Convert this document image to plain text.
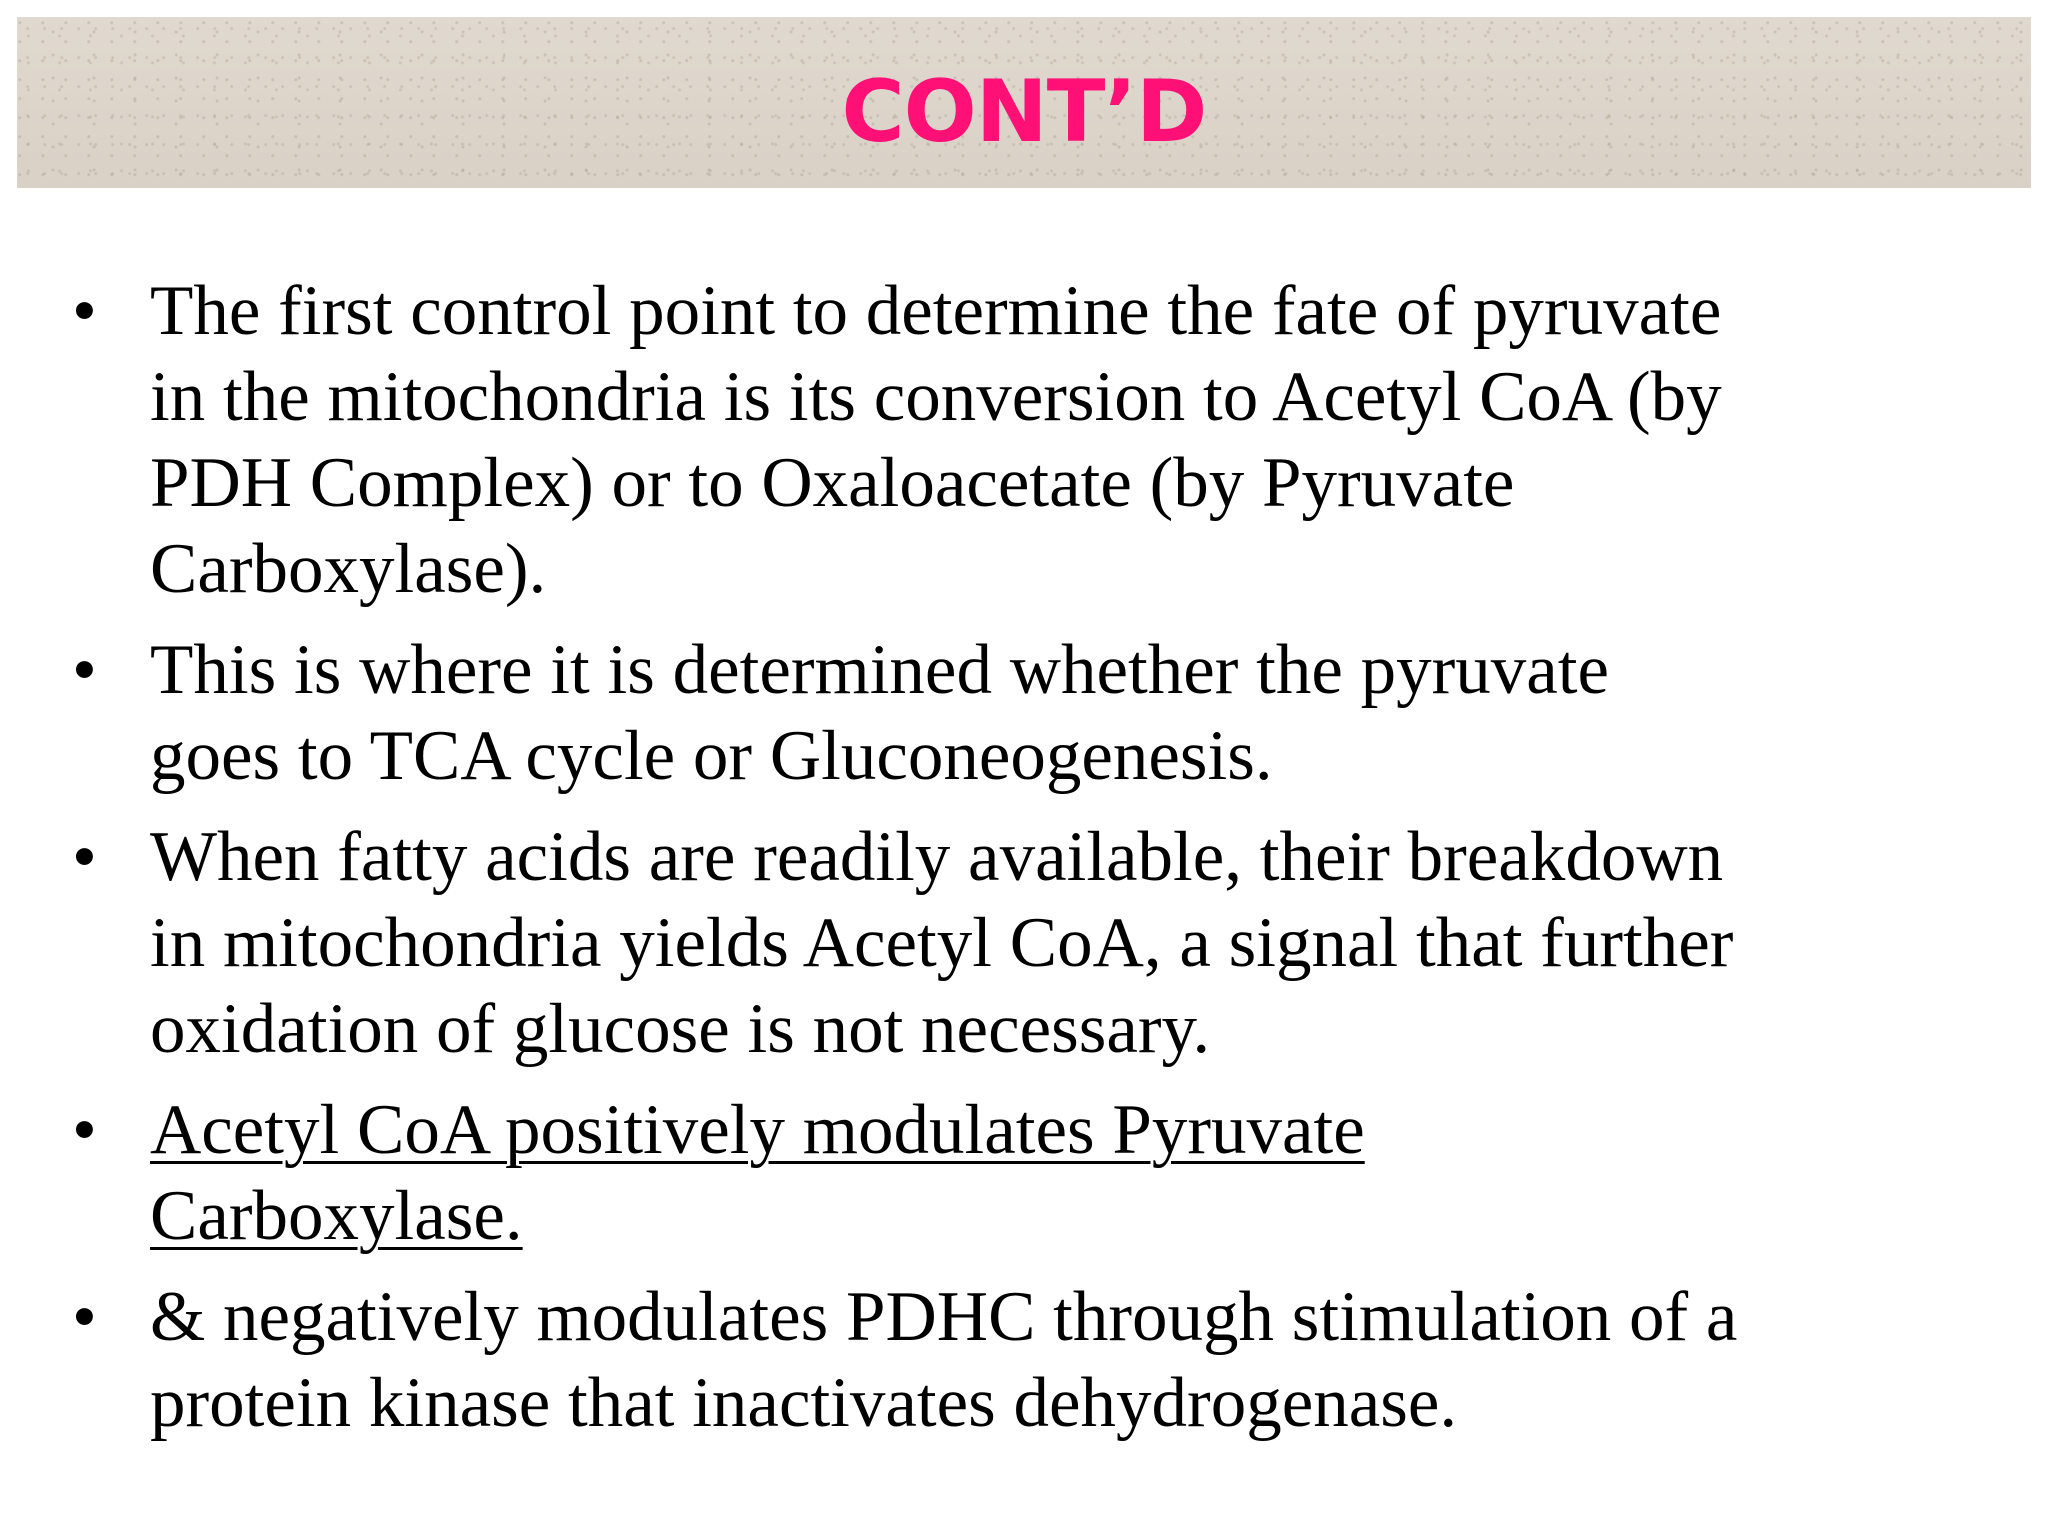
CONT’D
• The first control point to determine the fate of pyruvate
in the mitochondria is its conversion to Acetyl CoA (by
PDH Complex) or to Oxaloacetate (by Pyruvate
Carboxylase).
• This is where it is determined whether the pyruvate
goes to TCA cycle or Gluconeogenesis.
• When fatty acids are readily available, their breakdown
in mitochondria yields Acetyl CoA, a signal that further
oxidation of glucose is not necessary.
• Acetyl CoA positively modulates Pyruvate
Carboxylase.
• & negatively modulates PDHC through stimulation of a
protein kinase that inactivates dehydrogenase.
